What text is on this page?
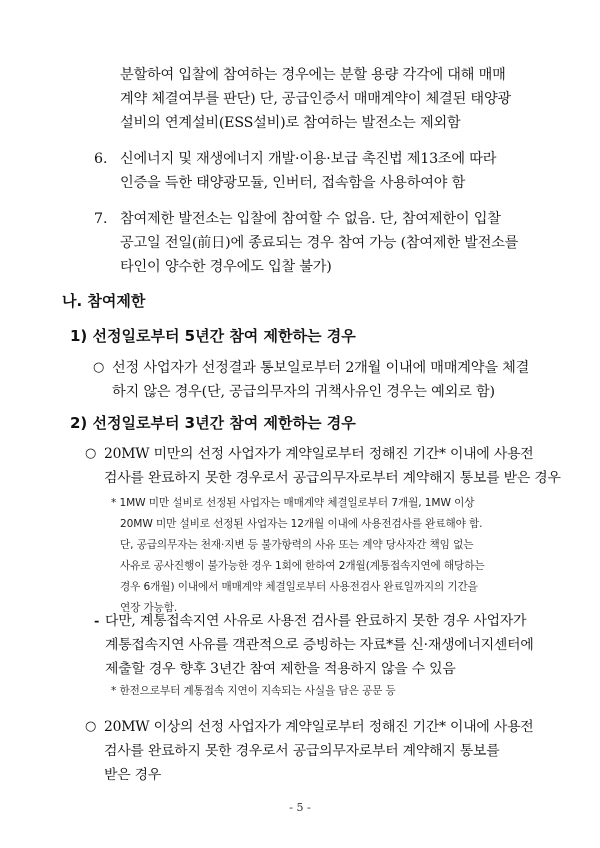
분할하여 입찰에 참여하는 경우에는 분할 용량 각각에 대해 매매
계약 체결여부를 판단) 단, 공급인증서 매매계약이 체결된 태양광
설비의 연계설비(ESS설비)로 참여하는 발전소는 제외함
6. 신에너지 및 재생에너지 개발·이용·보급 촉진법 제13조에 따라
인증을 득한 태양광모듈, 인버터, 접속함을 사용하여야 함
7. 참여제한 발전소는 입찰에 참여할 수 없음. 단, 참여제한이 입찰
공고일 전일(前日)에 종료되는 경우 참여 가능 (참여제한 발전소를
타인이 양수한 경우에도 입찰 불가)
나. 참여제한
1) 선정일로부터 5년간 참여 제한하는 경우
○ 선정 사업자가 선정결과 통보일로부터 2개월 이내에 매매계약을 체결
하지 않은 경우(단, 공급의무자의 귀책사유인 경우는 예외로 함)
2) 선정일로부터 3년간 참여 제한하는 경우
○ 20MW 미만의 선정 사업자가 계약일로부터 정해진 기간* 이내에 사용전
검사를 완료하지 못한 경우로서 공급의무자로부터 계약해지 통보를 받은 경우
* 1MW 미만 설비로 선정된 사업자는 매매계약 체결일로부터 7개월, 1MW 이상
20MW 미만 설비로 선정된 사업자는 12개월 이내에 사용전검사를 완료해야 함.
단, 공급의무자는 천재·지변 등 불가항력의 사유 또는 계약 당사자간 책임 없는
사유로 공사진행이 불가능한 경우 1회에 한하여 2개월(계통접속지연에 해당하는
경우 6개월) 이내에서 매매계약 체결일로부터 사용전검사 완료일까지의 기간을
연장 가능함.
- 다만, 계통접속지연 사유로 사용전 검사를 완료하지 못한 경우 사업자가
계통접속지연 사유를 객관적으로 증빙하는 자료*를 신·재생에너지센터에
제출할 경우 향후 3년간 참여 제한을 적용하지 않을 수 있음
* 한전으로부터 계통접속 지연이 지속되는 사실을 담은 공문 등
○ 20MW 이상의 선정 사업자가 계약일로부터 정해진 기간* 이내에 사용전
검사를 완료하지 못한 경우로서 공급의무자로부터 계약해지 통보를
받은 경우
- 5 -
